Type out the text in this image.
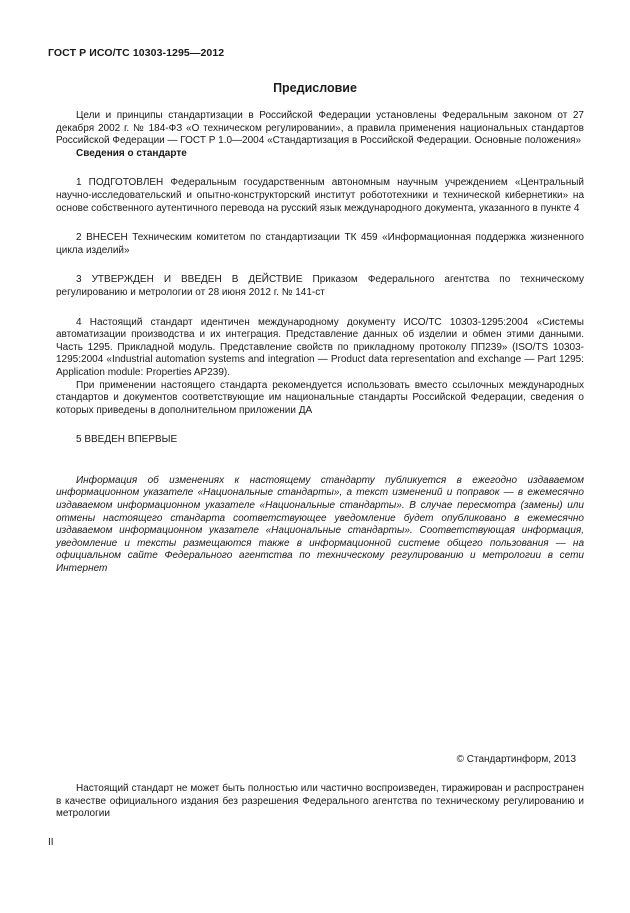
ГОСТ Р ИСО/ТС 10303-1295—2012
Предисловие

Цели и принципы стандартизации в Российской Федерации установлены Федеральным законом от 27 декабря 2002 г. № 184-ФЗ «О техническом регулировании», а правила применения национальных стандартов Российской Федерации — ГОСТ Р 1.0—2004 «Стандартизация в Российской Федерации. Основные положения»

Сведения о стандарте

1 ПОДГОТОВЛЕН Федеральным государственным автономным научным учреждением «Центральный научно-исследовательский и опытно-конструкторский институт робототехники и технической кибернетики» на основе собственного аутентичного перевода на русский язык международного документа, указанного в пункте 4

2 ВНЕСЕН Техническим комитетом по стандартизации ТК 459 «Информационная поддержка жизненного цикла изделий»

3 УТВЕРЖДЕН И ВВЕДЕН В ДЕЙСТВИЕ Приказом Федерального агентства по техническому регулированию и метрологии от 28 июня 2012 г. № 141-ст

4 Настоящий стандарт идентичен международному документу ИСО/ТС 10303-1295:2004 «Системы автоматизации производства и их интеграция. Представление данных об изделии и обмен этими данными. Часть 1295. Прикладной модуль. Представление свойств по прикладному протоколу ПП239» (ISO/TS 10303-1295:2004 «Industrial automation systems and integration — Product data representation and exchange — Part 1295: Application module: Properties AP239).

При применении настоящего стандарта рекомендуется использовать вместо ссылочных международных стандартов и документов соответствующие им национальные стандарты Российской Федерации, сведения о которых приведены в дополнительном приложении ДА

5 ВВЕДЕН ВПЕРВЫЕ

Информация об изменениях к настоящему стандарту публикуется в ежегодно издаваемом информационном указателе «Национальные стандарты», а текст изменений и поправок — в ежемесячно издаваемом информационном указателе «Национальные стандарты». В случае пересмотра (замены) или отмены настоящего стандарта соответствующее уведомление будет опубликовано в ежемесячно издаваемом информационном указателе «Национальные стандарты». Соответствующая информация, уведомление и тексты размещаются также в информационной системе общего пользования — на официальном сайте Федерального агентства по техническому регулированию и метрологии в сети Интернет

© Стандартинформ, 2013

Настоящий стандарт не может быть полностью или частично воспроизведен, тиражирован и распространен в качестве официального издания без разрешения Федерального агентства по техническому регулированию и метрологии

II
